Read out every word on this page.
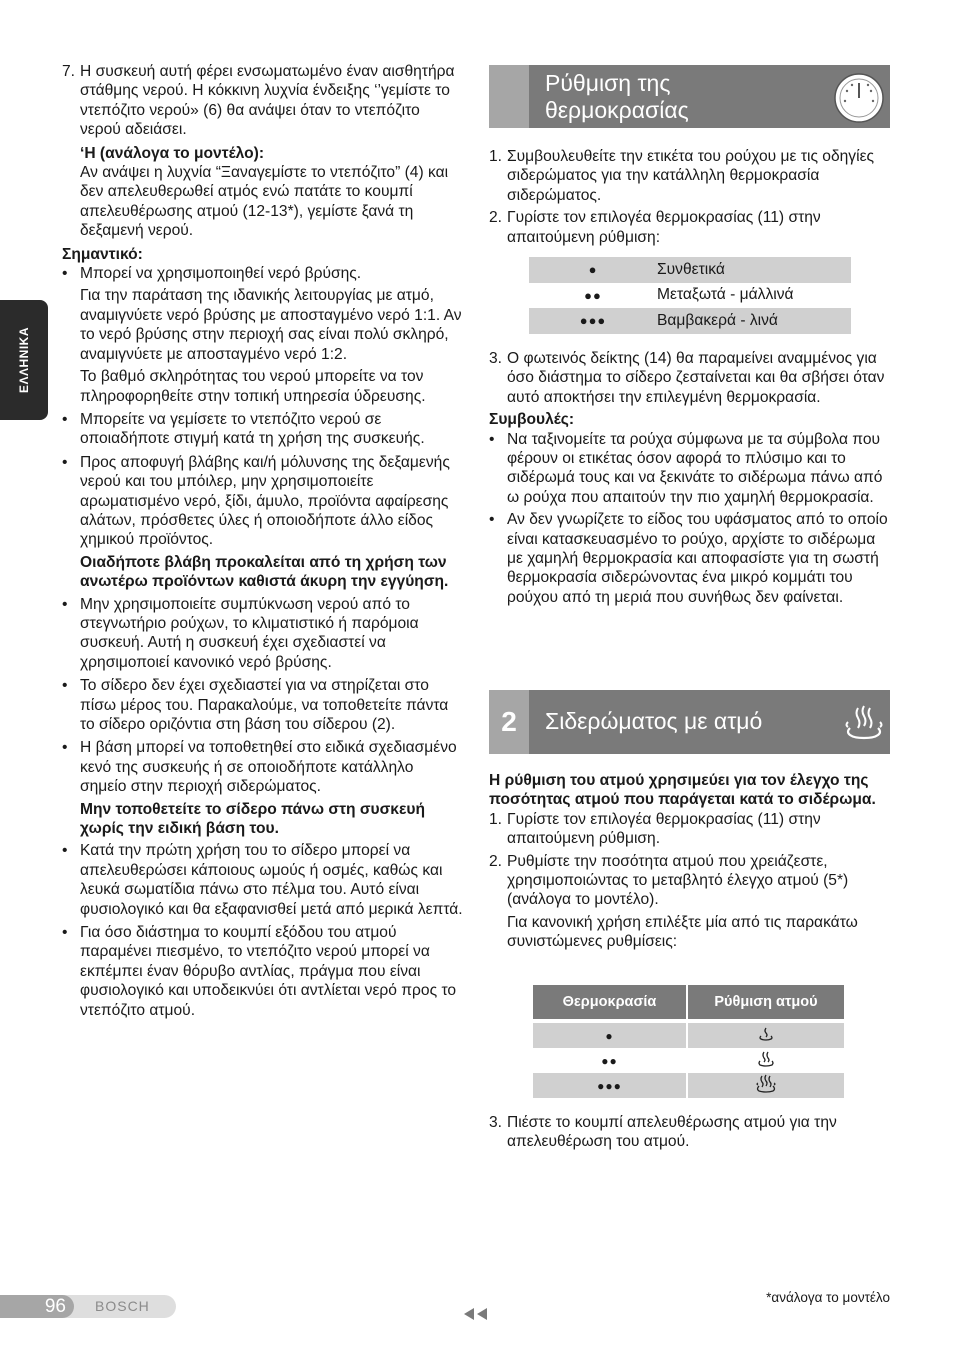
ΕΛΛΗΝΙΚΑ
7. Η συσκευή αυτή φέρει ενσωματωμένο έναν αισθητήρα στάθμης νερού. Η κόκκινη λυχνία ένδειξης ‘’γεμίστε το ντεπόζιτο νερού» (6) θα ανάψει όταν το ντεπόζιτο νερού αδειάσει.

‘Η (ανάλογα το μοντέλο):

Αν ανάψει η λυχνία “Ξαναγεμίστε το ντεπόζιτο” (4) και δεν απελευθερωθεί ατμός ενώ πατάτε το κουμπί απελευθέρωσης ατμού (12-13*), γεμίστε ξανά τη δεξαμενή νερού.

Σημαντικό:

• Μπορεί να χρησιμοποιηθεί νερό βρύσης.

Για την παράταση της ιδανικής λειτουργίας με ατμό, αναμιγνύετε νερό βρύσης με αποσταγμένο νερό 1:1. Αν το νερό βρύσης στην περιοχή σας είναι πολύ σκληρό, αναμιγνύετε με αποσταγμένο νερό 1:2.

Το βαθμό σκληρότητας του νερού μπορείτε να τον πληροφορηθείτε στην τοπική υπηρεσία ύδρευσης.

• Μπορείτε να γεμίσετε το ντεπόζιτο νερού σε οποιαδήποτε στιγμή κατά τη χρήση της συσκευής.

• Προς αποφυγή βλάβης και/ή μόλυνσης της δεξαμενής νερού και του μπόιλερ, μην χρησιμοποιείτε αρωματισμένο νερό, ξίδι, άμυλο, προϊόντα αφαίρεσης αλάτων, πρόσθετες ύλες ή οποιοδήποτε άλλο είδος χημικού προϊόντος.

Οιαδήποτε βλάβη προκαλείται από τη χρήση των ανωτέρω προϊόντων καθιστά άκυρη την εγγύηση.

• Μην χρησιμοποιείτε συμπύκνωση νερού από το στεγνωτήριο ρούχων, το κλιματιστικό ή παρόμοια συσκευή. Αυτή η συσκευή έχει σχεδιαστεί να χρησιμοποιεί κανονικό νερό βρύσης.

• Το σίδερο δεν έχει σχεδιαστεί για να στηρίζεται στο πίσω μέρος του. Παρακαλούμε, να τοποθετείτε πάντα το σίδερο οριζόντια στη βάση του σίδερου (2).

• Η βάση μπορεί να τοποθετηθεί στο ειδικά σχεδιασμένο κενό της συσκευής ή σε οποιοδήποτε κατάλληλο σημείο στην περιοχή σιδερώματος.

Μην τοποθετείτε το σίδερο πάνω στη συσκευή χωρίς την ειδική βάση του.

• Κατά την πρώτη χρήση του το σίδερο μπορεί να απελευθερώσει κάποιους ωμούς ή οσμές, καθώς και λευκά σωματίδια πάνω στο πέλμα του. Αυτό είναι φυσιολογικό και θα εξαφανισθεί μετά από μερικά λεπτά.

• Για όσο διάστημα το κουμπί εξόδου του ατμού παραμένει πιεσμένο, το ντεπόζιτο νερού μπορεί να εκπέμπει έναν θόρυβο αντλίας, πράγμα που είναι φυσιολογικό και υποδεικνύει ότι αντλίεται νερό προς το ντεπόζιτο ατμού.

Ρύθμιση της
θερμοκρασίας
1. Συμβουλευθείτε την ετικέτα του ρούχου με τις οδηγίες σιδερώματος για την κατάλληλη θερμοκρασία σιδερώματος.

2. Γυρίστε τον επιλογέα θερμοκρασίας (11) στην απαιτούμενη ρύθμιση:

●	Συνθετικά
●●	Μεταξωτά - μάλλινά
●●●	Βαμβακερά - λινά
3. Ο φωτεινός δείκτης (14) θα παραμείνει αναμμένος για όσο διάστημα το σίδερο ζεσταίνεται και θα σβήσει όταν αυτό αποκτήσει την επιλεγμένη θερμοκρασία.

Συμβουλές:

• Να ταξινομείτε τα ρούχα σύμφωνα με τα σύμβολα που φέρουν οι ετικέτας όσον αφορά το πλύσιμο και το σιδέρωμά τους και να ξεκινάτε το σιδέρωμα πάνω από ω ρούχα που απαιτούν την πιο χαμηλή θερμοκρασία.

• Αν δεν γνωρίζετε το είδος του υφάσματος από το οποίο είναι κατασκευασμένο το ρούχο, αρχίστε το σιδέρωμα με χαμηλή θερμοκρασία και αποφασίστε για τη σωστή θερμοκρασία σιδερώνοντας ένα μικρό κομμάτι του ρούχου από τη μεριά που συνήθως δεν φαίνεται.

2	Σιδερώματος με ατμό

Η ρύθμιση του ατμού χρησιμεύει για τον έλεγχο της ποσότητας ατμού που παράγεται κατά το σιδέρωμα.

1. Γυρίστε τον επιλογέα θερμοκρασίας (11) στην απαιτούμενη ρύθμιση.

2. Ρυθμίστε την ποσότητα ατμού που χρειάζεστε, χρησιμοποιώντας το μεταβλητό έλεγχο ατμού (5*) (ανάλογα το μοντέλο).

Για κανονική χρήση επιλέξτε μία από τις παρακάτω συνιστώμενες ρυθμίσεις:

Θερμοκρασία	Ρύθμιση ατμού

●	
●●	
●●●	
3. Πιέστε το κουμπί απελευθέρωσης ατμού για την απελευθέρωση του ατμού.

96	BOSCH
*ανάλογα το μοντέλο
